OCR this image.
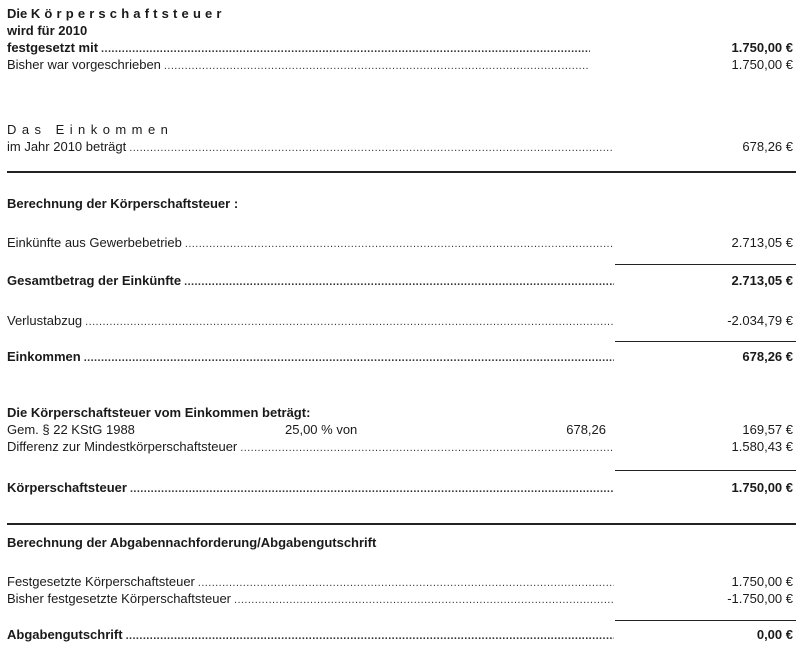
Die Körperschaftsteuer
wird für 2010
festgesetzt mit .....	1.750,00 €
Bisher war vorgeschrieben .....	1.750,00 €
Das Einkommen
im Jahr 2010 beträgt .....	678,26 €
Berechnung der Körperschaftsteuer :
Einkünfte aus Gewerbebetrieb .....	2.713,05 €
Gesamtbetrag der Einkünfte .....	2.713,05 €
Verlustabzug .....	-2.034,79 €
Einkommen .....	678,26 €
Die Körperschaftsteuer vom Einkommen beträgt:
Gem. § 22 KStG 1988	25,00 % von	678,26	169,57 €
Differenz zur Mindestkörperschaftsteuer .....	1.580,43 €
Körperschaftsteuer .....	1.750,00 €
Berechnung der Abgabennachforderung/Abgabengutschrift
Festgesetzte Körperschaftsteuer .....	1.750,00 €
Bisher festgesetzte Körperschaftsteuer .....	-1.750,00 €
Abgabengutschrift .....	0,00 €
